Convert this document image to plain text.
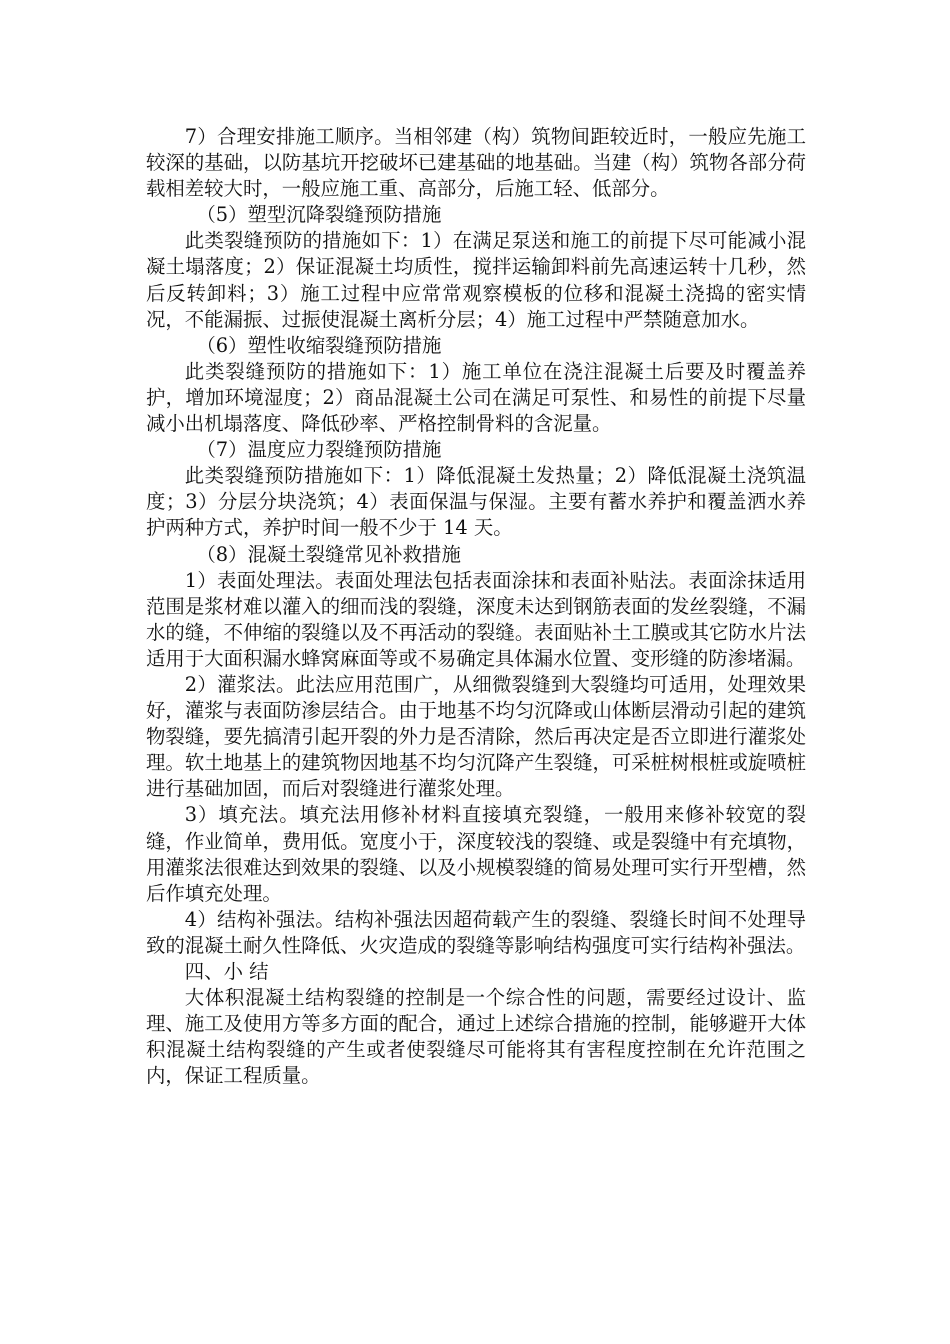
7）合理安排施工顺序。当相邻建（构）筑物间距较近时，一般应先施工较深的基础，以防基坑开挖破坏已建基础的地基础。当建（构）筑物各部分荷载相差较大时，一般应施工重、高部分，后施工轻、低部分。

（5）塑型沉降裂缝预防措施

此类裂缝预防的措施如下：1）在满足泵送和施工的前提下尽可能减小混凝土塌落度；2）保证混凝土均质性，搅拌运输卸料前先高速运转十几秒，然后反转卸料；3）施工过程中应常常观察模板的位移和混凝土浇捣的密实情况，不能漏振、过振使混凝土离析分层；4）施工过程中严禁随意加水。

（6）塑性收缩裂缝预防措施

此类裂缝预防的措施如下：1）施工单位在浇注混凝土后要及时覆盖养护，增加环境湿度；2）商品混凝土公司在满足可泵性、和易性的前提下尽量减小出机塌落度、降低砂率、严格控制骨料的含泥量。

（7）温度应力裂缝预防措施

此类裂缝预防措施如下：1）降低混凝土发热量；2）降低混凝土浇筑温度；3）分层分块浇筑；4）表面保温与保湿。主要有蓄水养护和覆盖洒水养护两种方式，养护时间一般不少于 14 天。

（8）混凝土裂缝常见补救措施

1）表面处理法。表面处理法包括表面涂抹和表面补贴法。表面涂抹适用范围是浆材难以灌入的细而浅的裂缝，深度未达到钢筋表面的发丝裂缝，不漏水的缝，不伸缩的裂缝以及不再活动的裂缝。表面贴补土工膜或其它防水片法适用于大面积漏水蜂窝麻面等或不易确定具体漏水位置、变形缝的防渗堵漏。

2）灌浆法。此法应用范围广，从细微裂缝到大裂缝均可适用，处理效果好，灌浆与表面防渗层结合。由于地基不均匀沉降或山体断层滑动引起的建筑物裂缝，要先搞清引起开裂的外力是否清除，然后再决定是否立即进行灌浆处理。软土地基上的建筑物因地基不均匀沉降产生裂缝，可采桩树根桩或旋喷桩进行基础加固，而后对裂缝进行灌浆处理。

3）填充法。填充法用修补材料直接填充裂缝，一般用来修补较宽的裂缝，作业简单，费用低。宽度小于，深度较浅的裂缝、或是裂缝中有充填物，用灌浆法很难达到效果的裂缝、以及小规模裂缝的简易处理可实行开型槽，然后作填充处理。

4）结构补强法。结构补强法因超荷载产生的裂缝、裂缝长时间不处理导致的混凝土耐久性降低、火灾造成的裂缝等影响结构强度可实行结构补强法。

四、小 结

大体积混凝土结构裂缝的控制是一个综合性的问题，需要经过设计、监理、施工及使用方等多方面的配合，通过上述综合措施的控制，能够避开大体积混凝土结构裂缝的产生或者使裂缝尽可能将其有害程度控制在允许范围之内，保证工程质量。
